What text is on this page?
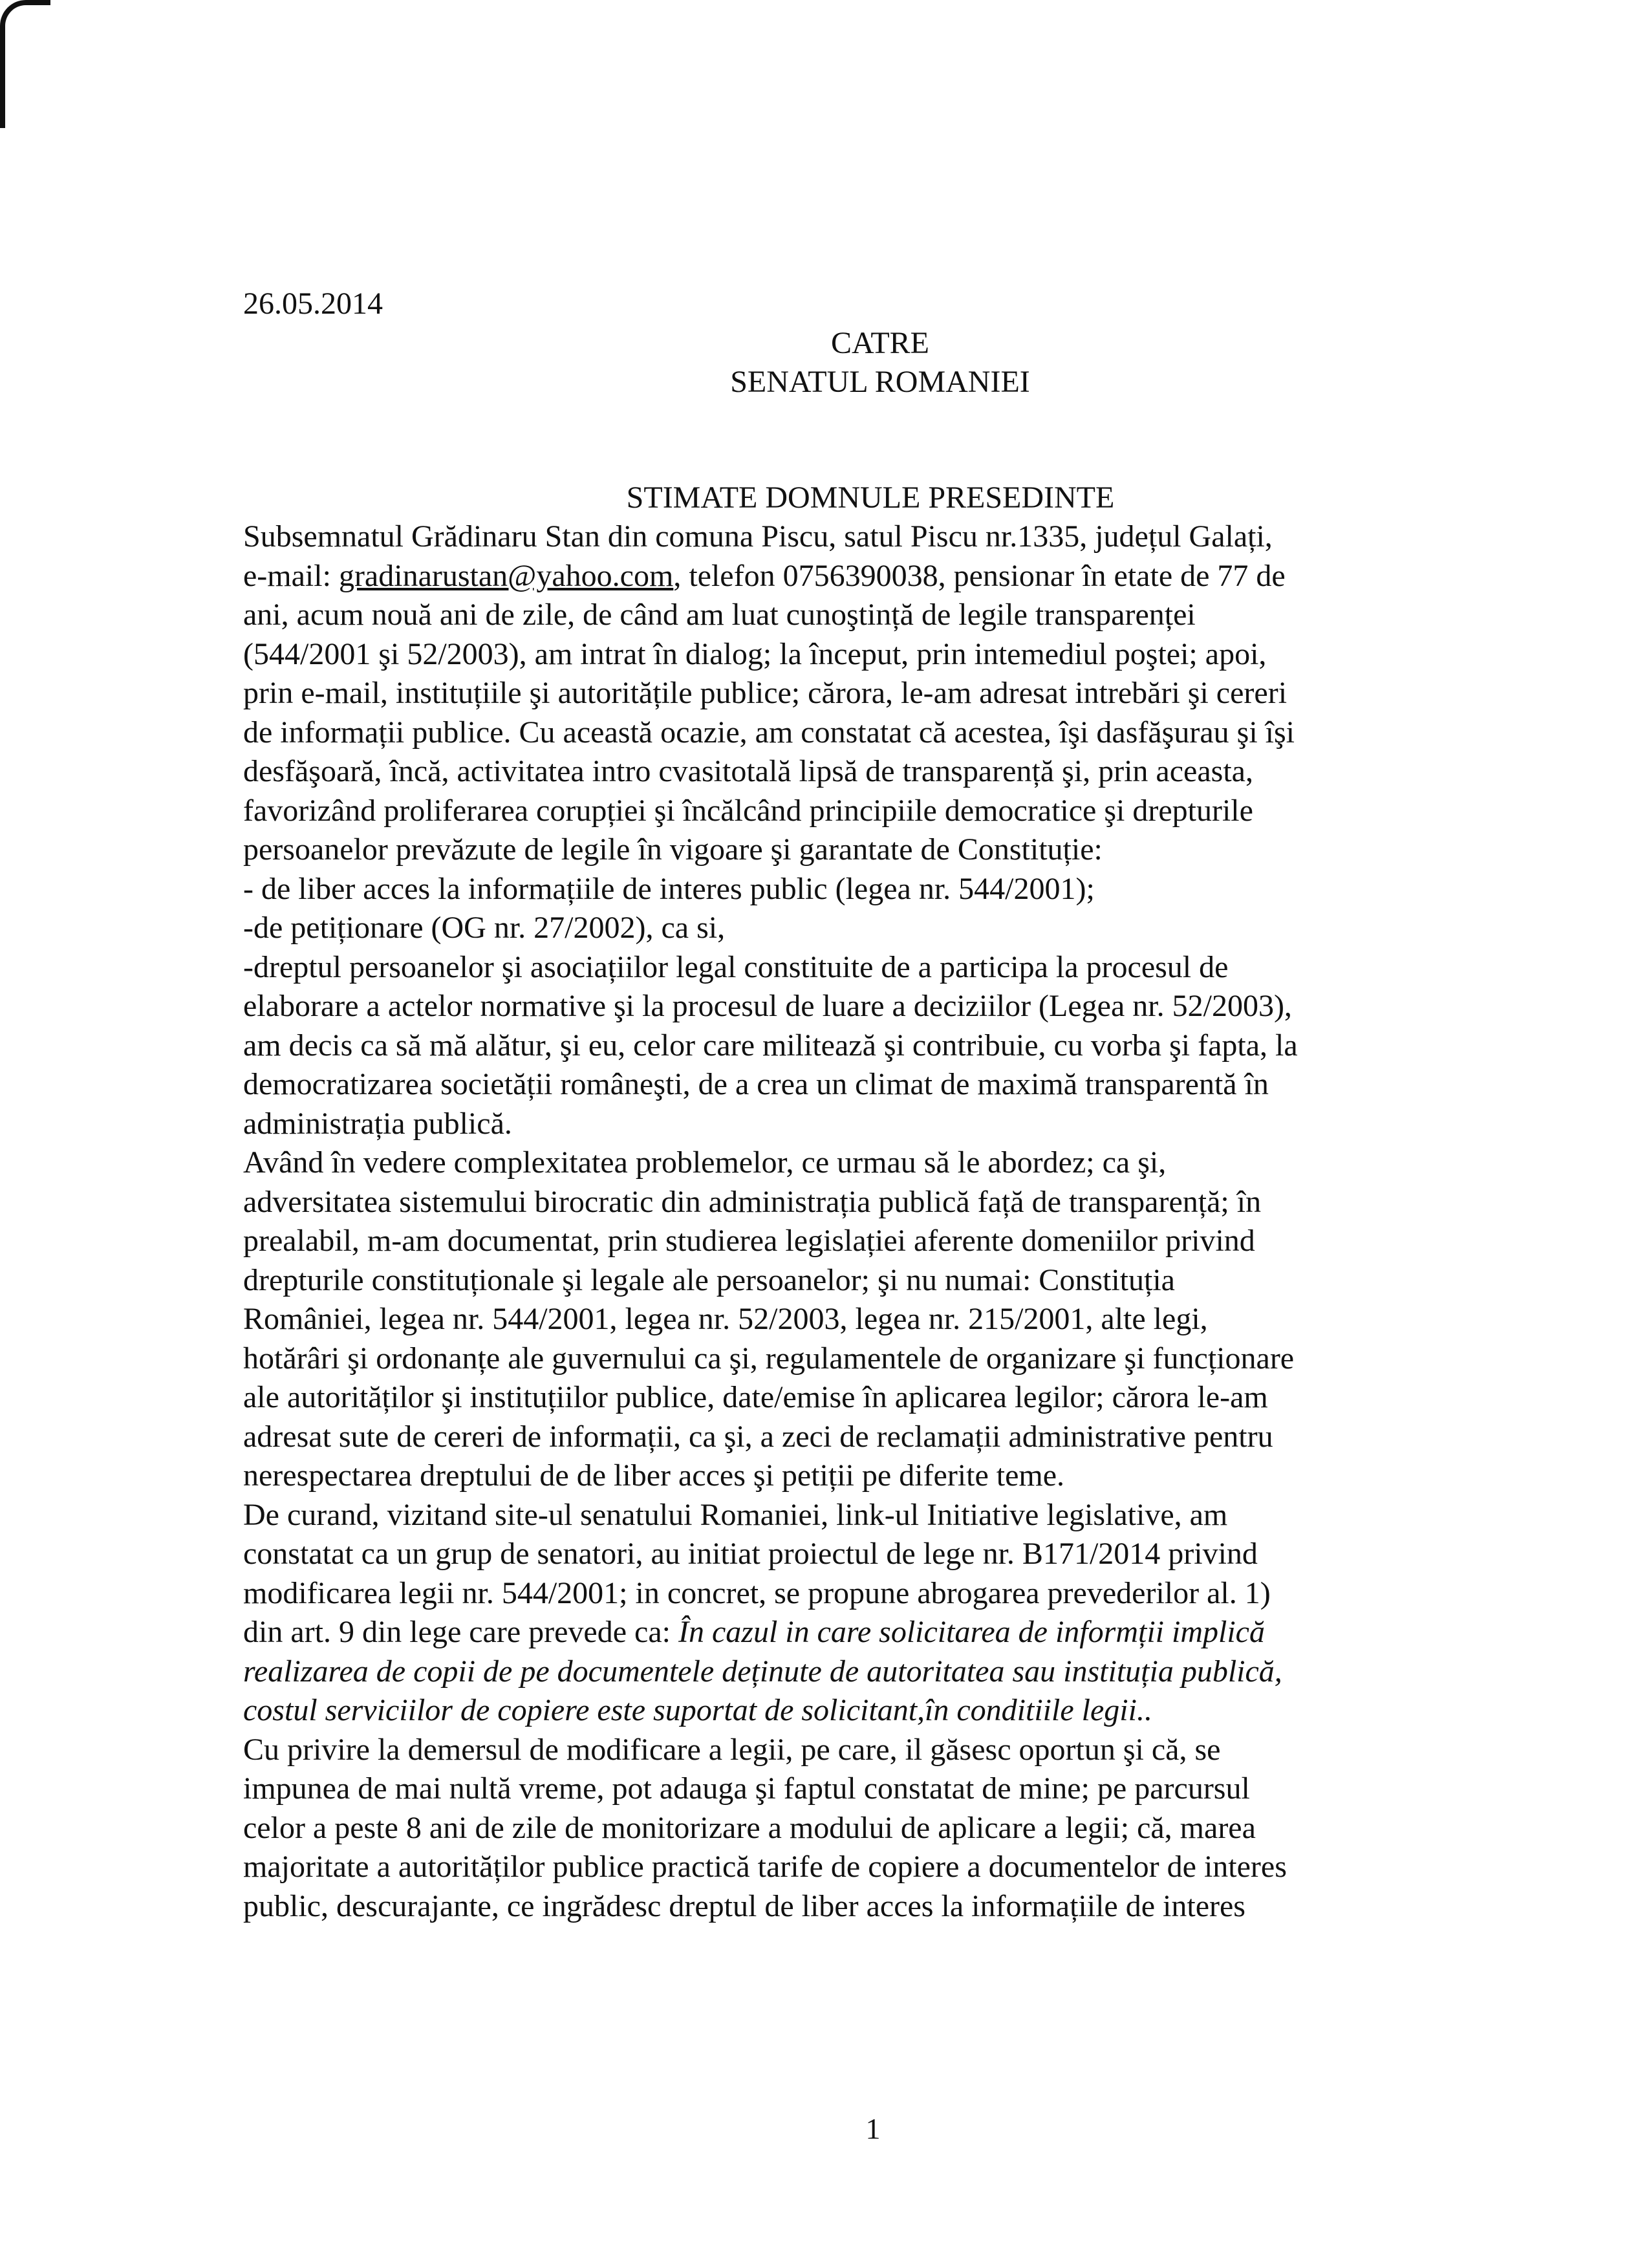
26.05.2014

CATRE

SENATUL ROMANIEI

STIMATE DOMNULE PRESEDINTE

Subsemnatul Grădinaru Stan din comuna Piscu, satul Piscu nr.1335, județul Galați,
e-mail: gradinarustan@yahoo.com, telefon 0756390038, pensionar în etate de 77 de
ani, acum nouă ani de zile, de când am luat cunoştință de legile transparenței
(544/2001 şi 52/2003), am intrat în dialog; la început, prin intemediul poştei; apoi,
prin e-mail, instituțiile şi autoritățile publice; cărora, le-am adresat intrebări şi cereri
de informații publice. Cu această ocazie, am constatat că acestea, îşi dasfăşurau şi îşi
desfăşoară, încă, activitatea intro cvasitotală lipsă de transparență şi, prin aceasta,
favorizând proliferarea corupției şi încălcând principiile democratice şi drepturile
persoanelor prevăzute de legile în vigoare şi garantate de Constituție:
- de liber acces la informațiile de interes public (legea nr. 544/2001);
-de petiționare (OG nr. 27/2002), ca si,
-dreptul persoanelor şi asociațiilor legal constituite de a participa la procesul de
elaborare a actelor normative şi la procesul de luare a deciziilor (Legea nr. 52/2003),
am decis ca să mă alătur, şi eu, celor care militează şi contribuie, cu vorba şi fapta, la
democratizarea societății româneşti, de a crea un climat de maximă transparentă în
administrația publică.
Având în vedere complexitatea problemelor, ce urmau să le abordez; ca şi,
adversitatea sistemului birocratic din administrația publică față de transparență; în
prealabil, m-am documentat, prin studierea legislației aferente domeniilor privind
drepturile constituționale şi legale ale persoanelor; şi nu numai: Constituția
României, legea nr. 544/2001, legea nr. 52/2003, legea nr. 215/2001, alte legi,
hotărâri şi ordonanțe ale guvernului ca şi, regulamentele de organizare şi funcționare
ale autorităților şi instituțiilor publice, date/emise în aplicarea legilor; cărora le-am
adresat sute de cereri de informații, ca şi, a zeci de reclamații administrative pentru
nerespectarea dreptului de de liber acces şi petiții pe diferite teme.
De curand, vizitand site-ul senatului Romaniei, link-ul Initiative legislative, am
constatat ca un grup de senatori, au initiat proiectul de lege nr. B171/2014 privind
modificarea legii nr. 544/2001; in concret, se propune abrogarea prevederilor al. 1)
din art. 9 din lege care prevede ca: În cazul in care solicitarea de informții implică
realizarea de copii de pe documentele deținute de autoritatea sau instituția publică,
costul serviciilor de copiere este suportat de solicitant,în conditiile legii..
Cu privire la demersul de modificare a legii, pe care, il găsesc oportun şi că, se
impunea de mai nultă vreme, pot adauga şi faptul constatat de mine; pe parcursul
celor a peste 8 ani de zile de monitorizare a modului de aplicare a legii; că, marea
majoritate a autorităților publice practică tarife de copiere a documentelor de interes
public, descurajante, ce ingrădesc dreptul de liber acces la informațiile de interes
1
